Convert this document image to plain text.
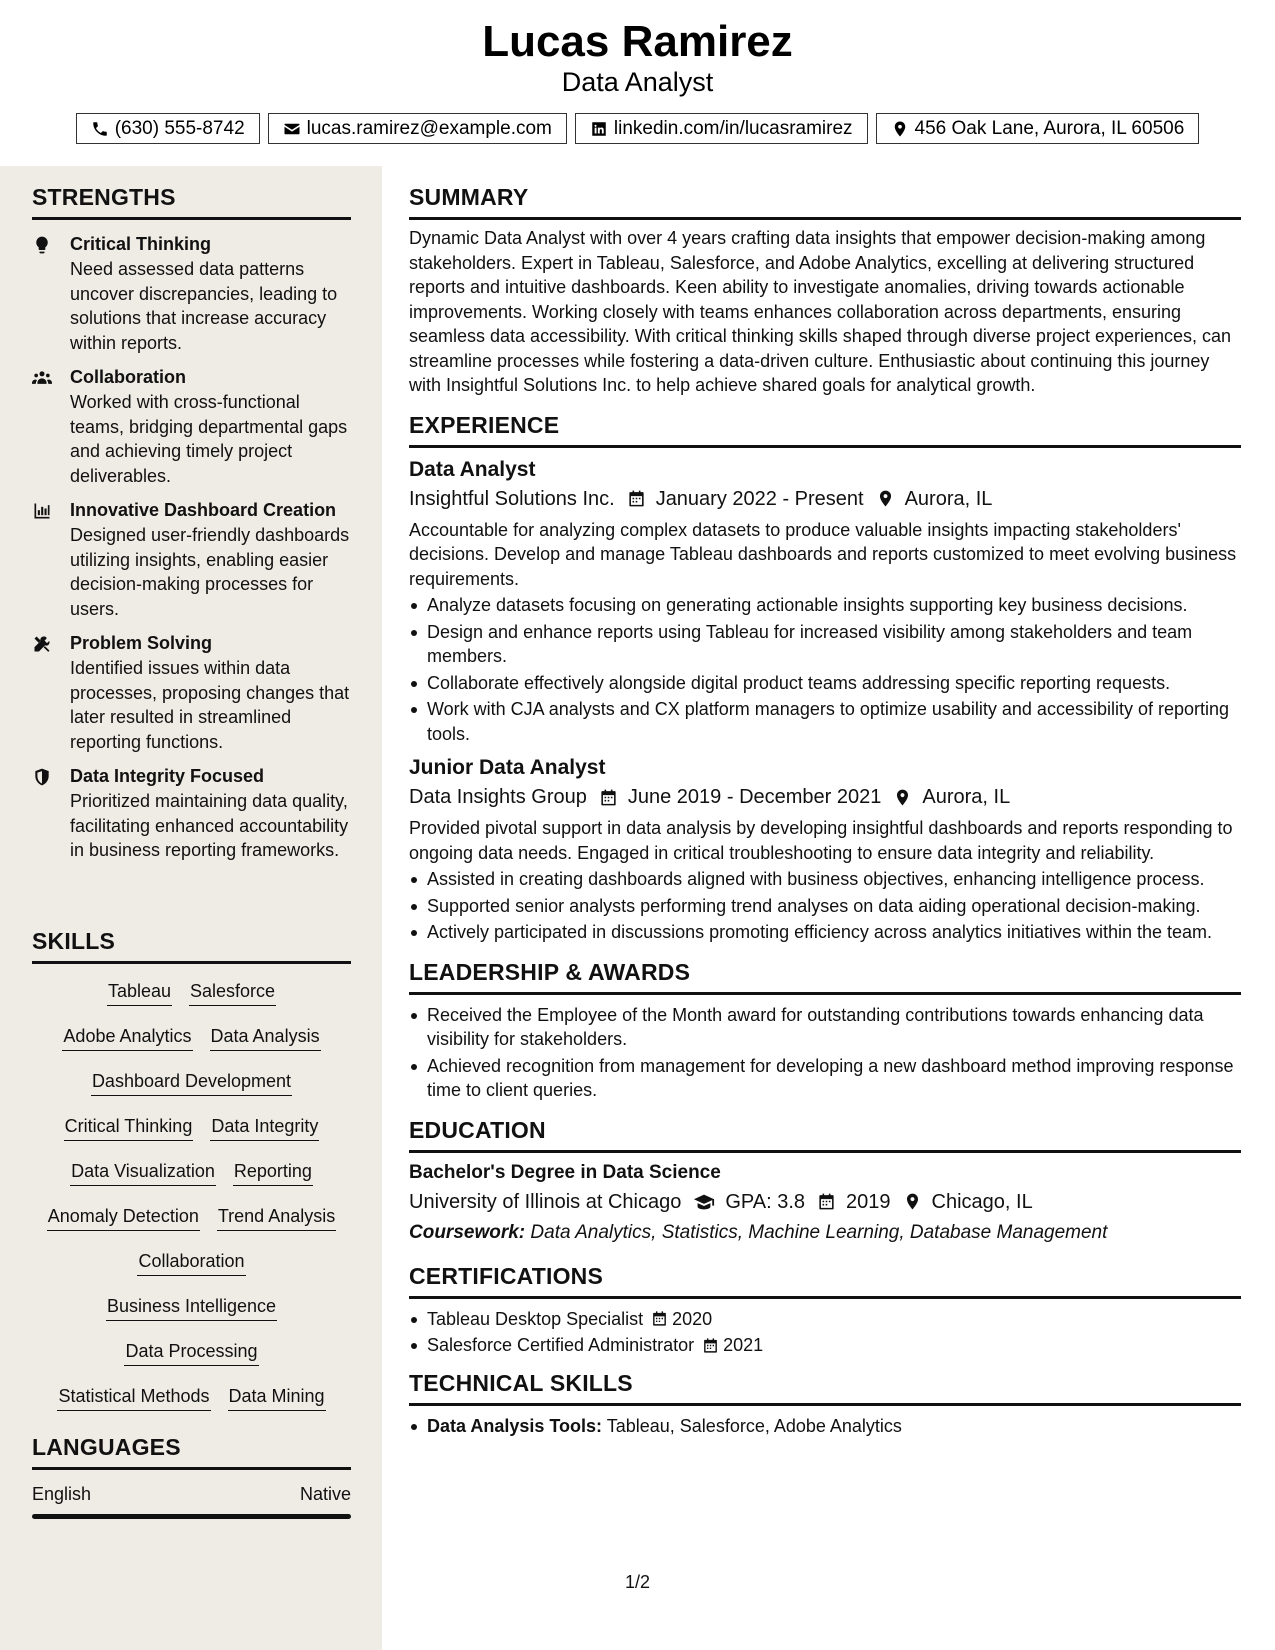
Lucas Ramirez
Data Analyst
(630) 555-8742	lucas.ramirez@example.com	linkedin.com/in/lucasramirez	456 Oak Lane, Aurora, IL 60506
STRENGTHS
Critical Thinking
Need assessed data patterns uncover discrepancies, leading to solutions that increase accuracy within reports.
Collaboration
Worked with cross-functional teams, bridging departmental gaps and achieving timely project deliverables.
Innovative Dashboard Creation
Designed user-friendly dashboards utilizing insights, enabling easier decision-making processes for users.
Problem Solving
Identified issues within data processes, proposing changes that later resulted in streamlined reporting functions.
Data Integrity Focused
Prioritized maintaining data quality, facilitating enhanced accountability in business reporting frameworks.
SKILLS
Tableau Salesforce
Adobe Analytics Data Analysis
Dashboard Development
Critical Thinking Data Integrity
Data Visualization Reporting
Anomaly Detection Trend Analysis
Collaboration
Business Intelligence
Data Processing
Statistical Methods Data Mining
LANGUAGES
English	Native
SUMMARY
Dynamic Data Analyst with over 4 years crafting data insights that empower decision-making among stakeholders. Expert in Tableau, Salesforce, and Adobe Analytics, excelling at delivering structured reports and intuitive dashboards. Keen ability to investigate anomalies, driving towards actionable improvements. Working closely with teams enhances collaboration across departments, ensuring seamless data accessibility. With critical thinking skills shaped through diverse project experiences, can streamline processes while fostering a data-driven culture. Enthusiastic about continuing this journey with Insightful Solutions Inc. to help achieve shared goals for analytical growth.
EXPERIENCE
Data Analyst
Insightful Solutions Inc. January 2022 - Present Aurora, IL
Accountable for analyzing complex datasets to produce valuable insights impacting stakeholders' decisions. Develop and manage Tableau dashboards and reports customized to meet evolving business requirements.
Analyze datasets focusing on generating actionable insights supporting key business decisions.
Design and enhance reports using Tableau for increased visibility among stakeholders and team members.
Collaborate effectively alongside digital product teams addressing specific reporting requests.
Work with CJA analysts and CX platform managers to optimize usability and accessibility of reporting tools.
Junior Data Analyst
Data Insights Group June 2019 - December 2021 Aurora, IL
Provided pivotal support in data analysis by developing insightful dashboards and reports responding to ongoing data needs. Engaged in critical troubleshooting to ensure data integrity and reliability.
Assisted in creating dashboards aligned with business objectives, enhancing intelligence process.
Supported senior analysts performing trend analyses on data aiding operational decision-making.
Actively participated in discussions promoting efficiency across analytics initiatives within the team.
LEADERSHIP & AWARDS
Received the Employee of the Month award for outstanding contributions towards enhancing data visibility for stakeholders.
Achieved recognition from management for developing a new dashboard method improving response time to client queries.
EDUCATION
Bachelor's Degree in Data Science
University of Illinois at Chicago GPA: 3.8 2019 Chicago, IL
Coursework: Data Analytics, Statistics, Machine Learning, Database Management
CERTIFICATIONS
Tableau Desktop Specialist 2020
Salesforce Certified Administrator 2021
TECHNICAL SKILLS
Data Analysis Tools: Tableau, Salesforce, Adobe Analytics
1/2
